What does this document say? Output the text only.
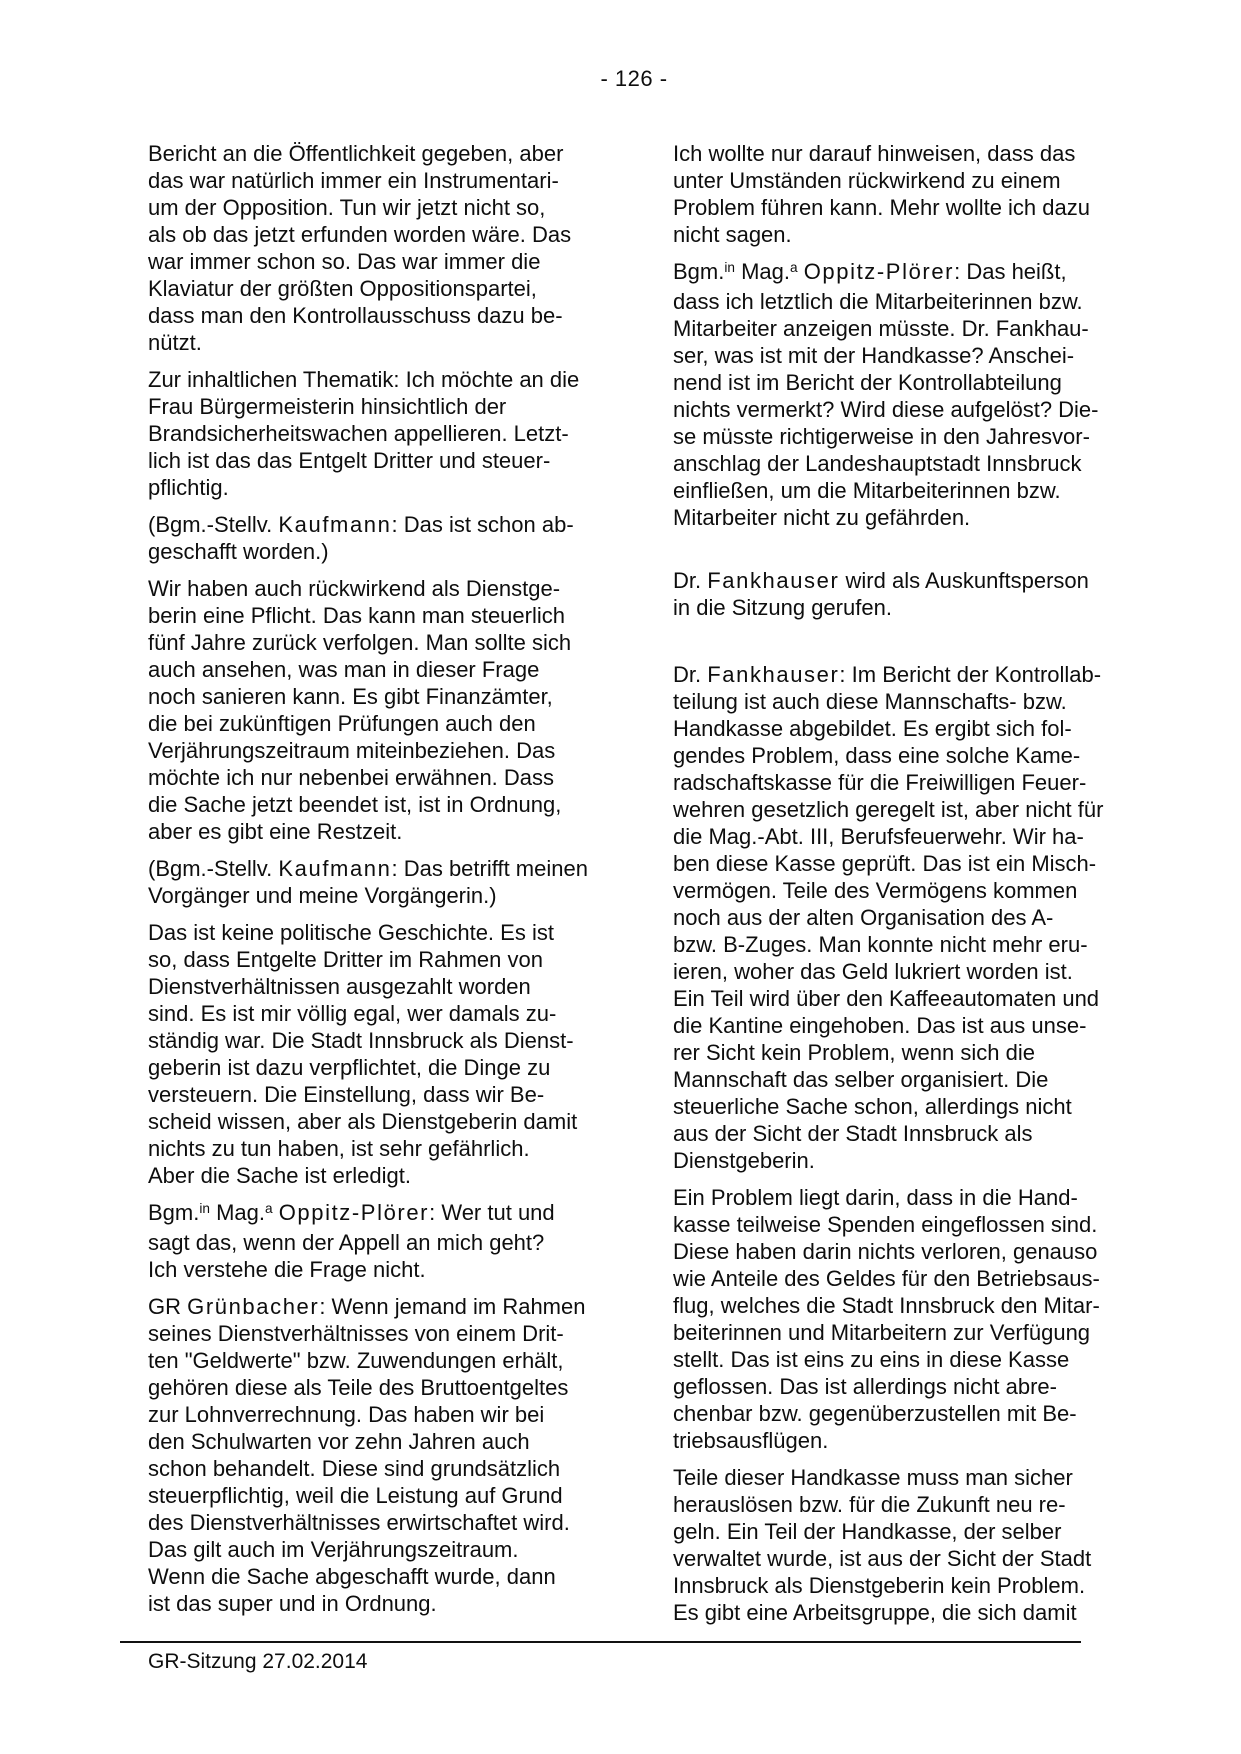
- 126 -
Bericht an die Öffentlichkeit gegeben, aber
das war natürlich immer ein Instrumentari-
um der Opposition. Tun wir jetzt nicht so,
als ob das jetzt erfunden worden wäre. Das
war immer schon so. Das war immer die
Klaviatur der größten Oppositionspartei,
dass man den Kontrollausschuss dazu be-
nützt.
Zur inhaltlichen Thematik: Ich möchte an die
Frau Bürgermeisterin hinsichtlich der
Brandsicherheitswachen appellieren. Letzt-
lich ist das das Entgelt Dritter und steuer-
pflichtig.
(Bgm.-Stellv. Kaufmann: Das ist schon ab-
geschafft worden.)
Wir haben auch rückwirkend als Dienstge-
berin eine Pflicht. Das kann man steuerlich
fünf Jahre zurück verfolgen. Man sollte sich
auch ansehen, was man in dieser Frage
noch sanieren kann. Es gibt Finanzämter,
die bei zukünftigen Prüfungen auch den
Verjährungszeitraum miteinbeziehen. Das
möchte ich nur nebenbei erwähnen. Dass
die Sache jetzt beendet ist, ist in Ordnung,
aber es gibt eine Restzeit.
(Bgm.-Stellv. Kaufmann: Das betrifft meinen
Vorgänger und meine Vorgängerin.)
Das ist keine politische Geschichte. Es ist
so, dass Entgelte Dritter im Rahmen von
Dienstverhältnissen ausgezahlt worden
sind. Es ist mir völlig egal, wer damals zu-
ständig war. Die Stadt Innsbruck als Dienst-
geberin ist dazu verpflichtet, die Dinge zu
versteuern. Die Einstellung, dass wir Be-
scheid wissen, aber als Dienstgeberin damit
nichts zu tun haben, ist sehr gefährlich.
Aber die Sache ist erledigt.
Bgm.$^{in}$ Mag.$^a$ Oppitz-Plörer: Wer tut und
sagt das, wenn der Appell an mich geht?
Ich verstehe die Frage nicht.
GR Grünbacher: Wenn jemand im Rahmen
seines Dienstverhältnisses von einem Drit-
ten "Geldwerte" bzw. Zuwendungen erhält,
gehören diese als Teile des Bruttoentgeltes
zur Lohnverrechnung. Das haben wir bei
den Schulwarten vor zehn Jahren auch
schon behandelt. Diese sind grundsätzlich
steuerpflichtig, weil die Leistung auf Grund
des Dienstverhältnisses erwirtschaftet wird.
Das gilt auch im Verjährungszeitraum.
Wenn die Sache abgeschafft wurde, dann
ist das super und in Ordnung.
Ich wollte nur darauf hinweisen, dass das
unter Umständen rückwirkend zu einem
Problem führen kann. Mehr wollte ich dazu
nicht sagen.
Bgm.$^{in}$ Mag.$^a$ Oppitz-Plörer: Das heißt,
dass ich letztlich die Mitarbeiterinnen bzw.
Mitarbeiter anzeigen müsste. Dr. Fankhau-
ser, was ist mit der Handkasse? Anschei-
nend ist im Bericht der Kontrollabteilung
nichts vermerkt? Wird diese aufgelöst? Die-
se müsste richtigerweise in den Jahresvor-
anschlag der Landeshauptstadt Innsbruck
einfließen, um die Mitarbeiterinnen bzw.
Mitarbeiter nicht zu gefährden.
Dr. Fankhauser wird als Auskunftsperson
in die Sitzung gerufen.
Dr. Fankhauser: Im Bericht der Kontrollab-
teilung ist auch diese Mannschafts- bzw.
Handkasse abgebildet. Es ergibt sich fol-
gendes Problem, dass eine solche Kame-
radschaftskasse für die Freiwilligen Feuer-
wehren gesetzlich geregelt ist, aber nicht für
die Mag.-Abt. III, Berufsfeuerwehr. Wir ha-
ben diese Kasse geprüft. Das ist ein Misch-
vermögen. Teile des Vermögens kommen
noch aus der alten Organisation des A-
bzw. B-Zuges. Man konnte nicht mehr eru-
ieren, woher das Geld lukriert worden ist.
Ein Teil wird über den Kaffeeautomaten und
die Kantine eingehoben. Das ist aus unse-
rer Sicht kein Problem, wenn sich die
Mannschaft das selber organisiert. Die
steuerliche Sache schon, allerdings nicht
aus der Sicht der Stadt Innsbruck als
Dienstgeberin.
Ein Problem liegt darin, dass in die Hand-
kasse teilweise Spenden eingeflossen sind.
Diese haben darin nichts verloren, genauso
wie Anteile des Geldes für den Betriebsaus-
flug, welches die Stadt Innsbruck den Mitar-
beiterinnen und Mitarbeitern zur Verfügung
stellt. Das ist eins zu eins in diese Kasse
geflossen. Das ist allerdings nicht abre-
chenbar bzw. gegenüberzustellen mit Be-
triebsausflügen.
Teile dieser Handkasse muss man sicher
herauslösen bzw. für die Zukunft neu re-
geln. Ein Teil der Handkasse, der selber
verwaltet wurde, ist aus der Sicht der Stadt
Innsbruck als Dienstgeberin kein Problem.
Es gibt eine Arbeitsgruppe, die sich damit
GR-Sitzung 27.02.2014
